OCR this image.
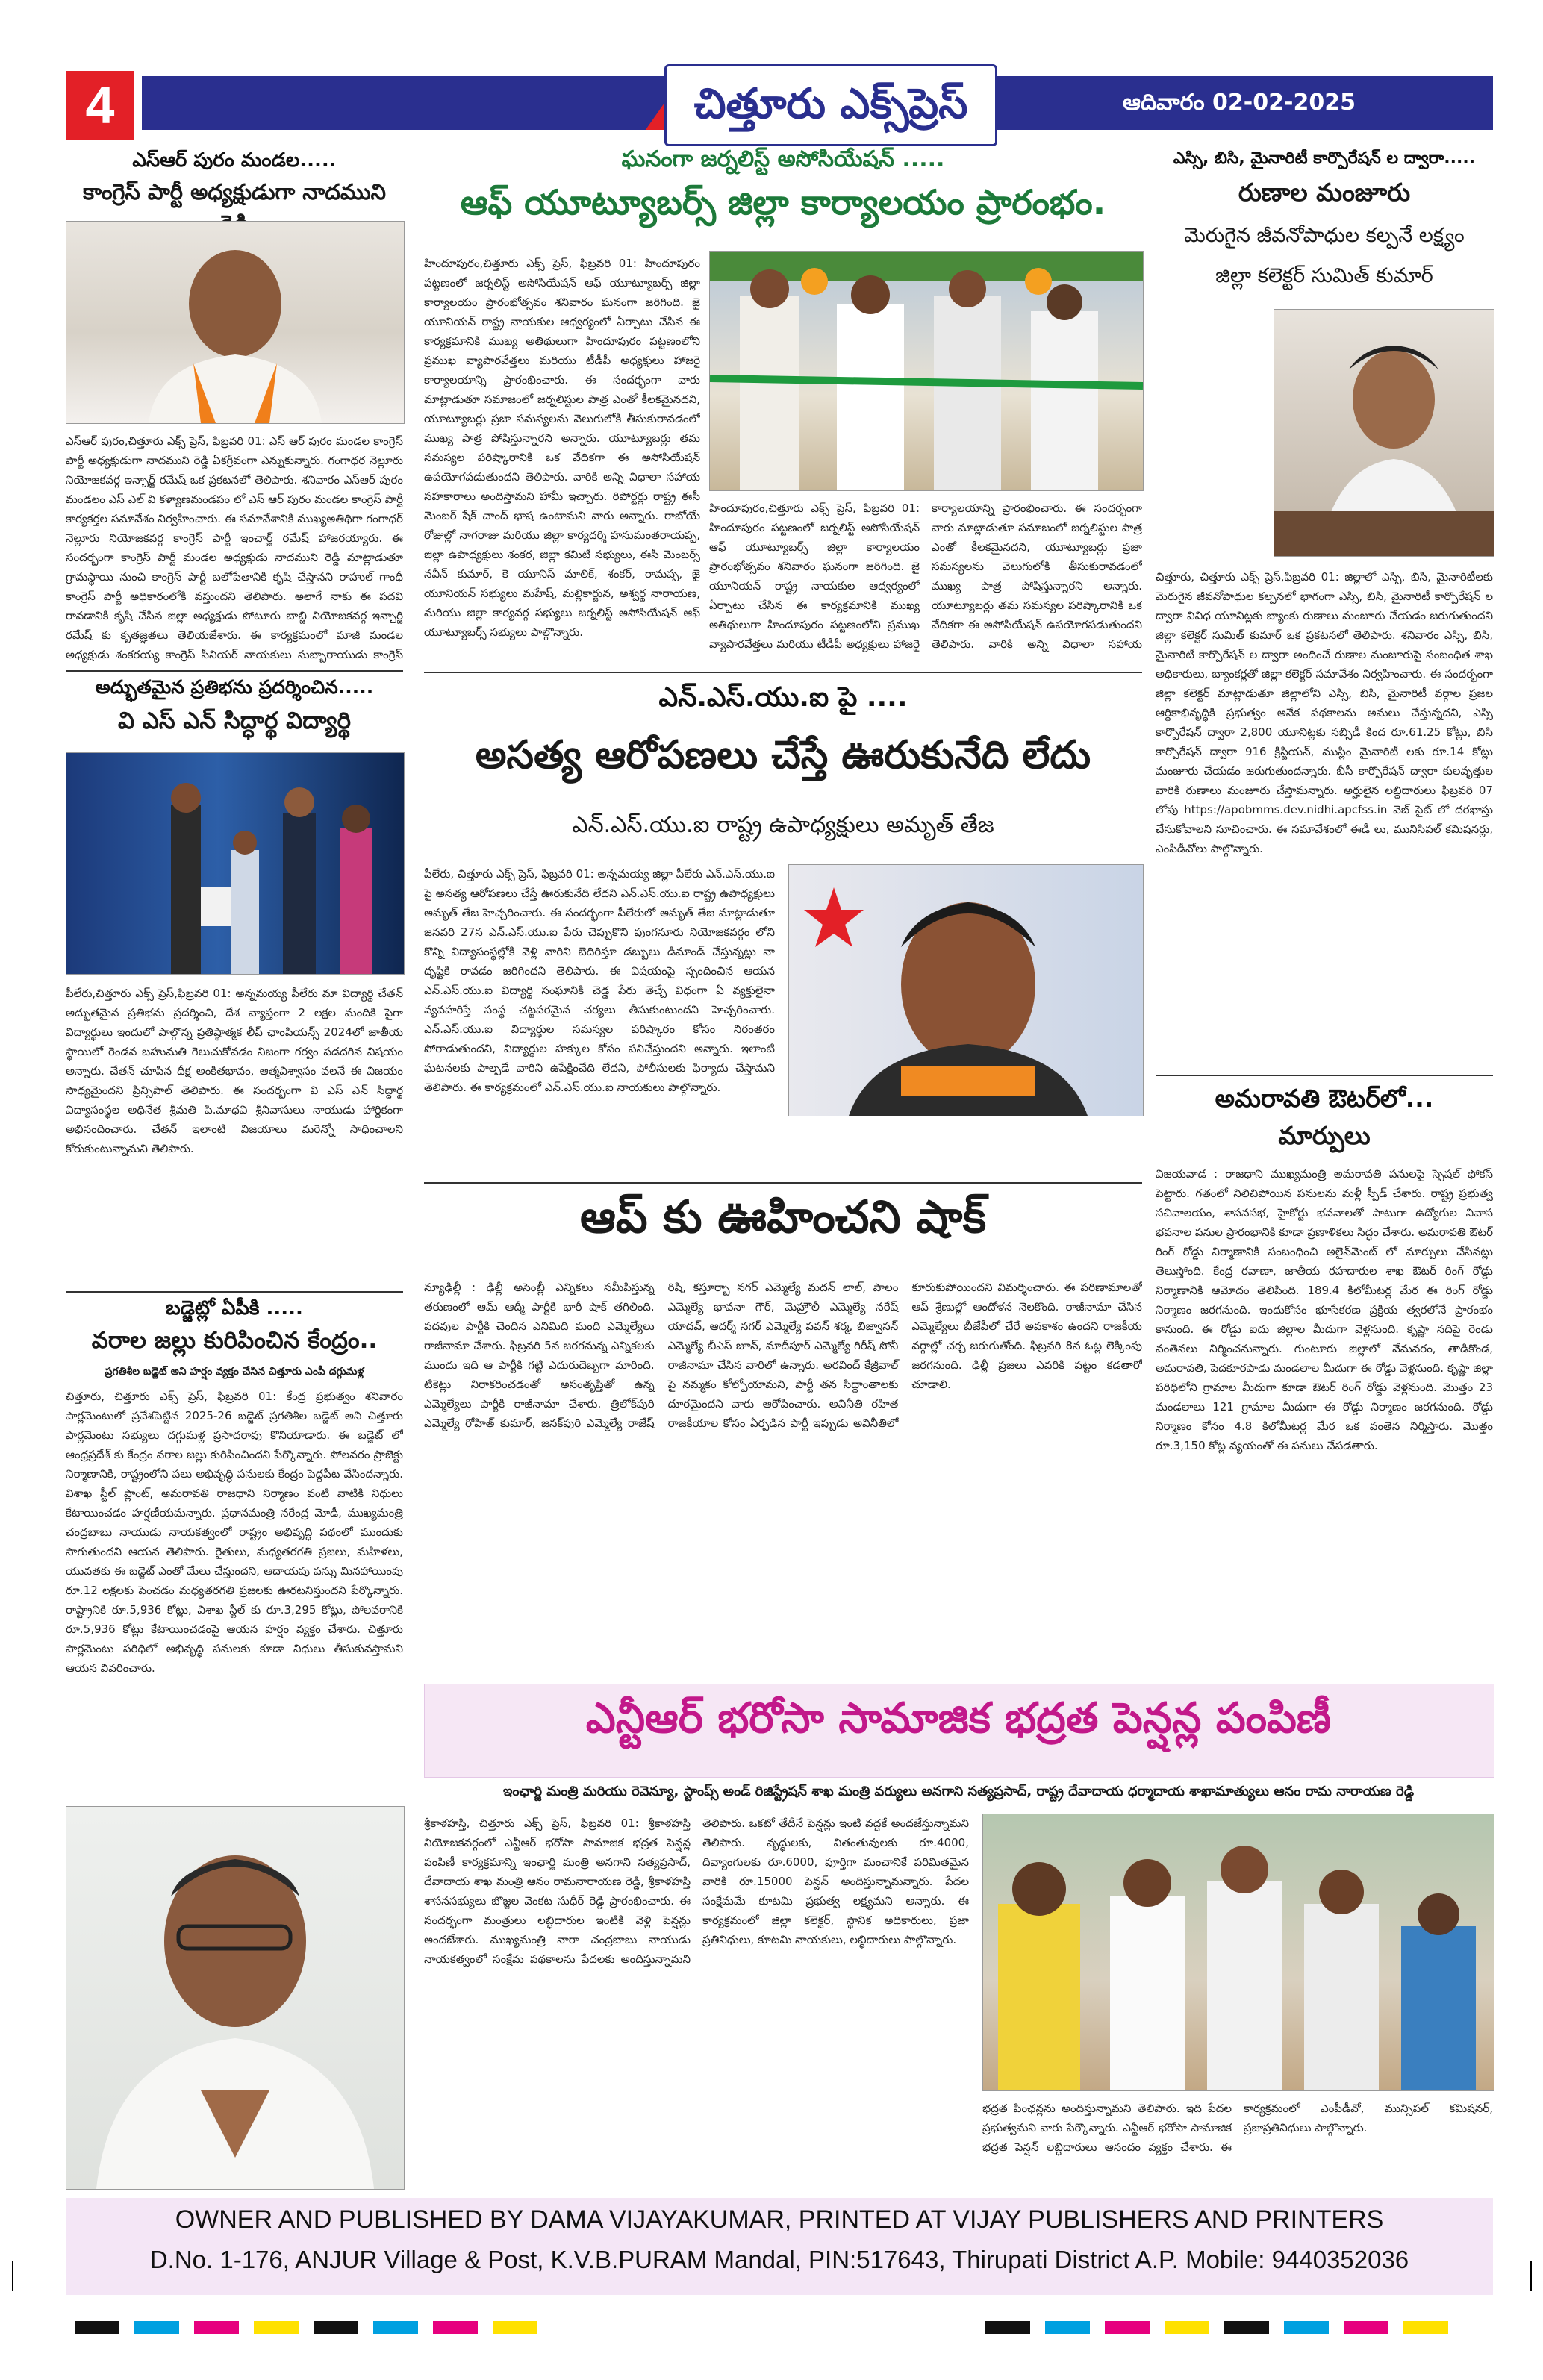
4	చిత్తూరు ఎక్స్‌ప్రెస్	ఆదివారం 02-02-2025
ఎస్ఆర్ పురం మండల.....
కాంగ్రెస్ పార్టీ అధ్యక్షుడుగా నాదముని
ఎస్ఆర్ పురం,చిత్తూరు ఎక్స్ ప్రెస్, ఫిబ్రవరి 01: ఎస్ ఆర్ పురం మండల కాంగ్రెస్ పార్టీ అధ్యక్షుడుగా నాదముని రెడ్డి ఏకగ్రీవంగా ఎన్నుకున్నారు. గంగాధర నెల్లూరు నియోజకవర్గ ఇన్చార్జ్ రమేష్ ఒక ప్రకటనలో తెలిపారు. శనివారం ఎస్ఆర్ పురం మండలం ఎస్ ఎల్ వి కళ్యాణమండపం లో ఎస్ ఆర్ పురం మండల కాంగ్రెస్ పార్టీ కార్యకర్తల సమావేశం నిర్వహించారు. ఈ సమావేశానికి ముఖ్యఅతిథిగా గంగాధర్ నెల్లూరు నియోజకవర్గ కాంగ్రెస్ పార్టీ ఇంచార్జ్ రమేష్ హాజరయ్యారు. ఈ సందర్భంగా కాంగ్రెస్ పార్టీ మండల అధ్యక్షుడు నాదముని రెడ్డి మాట్లాడుతూ గ్రామస్థాయి నుంచి కాంగ్రెస్ పార్టీ బలోపేతానికి కృషి చేస్తానని రాహుల్ గాంధీ కాంగ్రెస్ పార్టీ అధికారంలోకి వస్తుందని తెలిపారు. అలాగే నాకు ఈ పదవి రావడానికి కృషి చేసిన జిల్లా అధ్యక్షుడు పోటూరు బాబ్జి నియోజకవర్గ ఇన్చార్జి రమేష్ కు కృతజ్ఞతలు తెలియజేశారు. ఈ కార్యక్రమంలో మాజీ మండల అధ్యక్షుడు శంకరయ్య కాంగ్రెస్ సీనియర్ నాయకులు సుబ్బారాయుడు కాంగ్రెస్
అద్భుతమైన ప్రతిభను ప్రదర్శించిన.....
వి ఎస్ ఎన్ సిద్ధార్థ విద్యార్థి
పీలేరు,చిత్తూరు ఎక్స్ ప్రెస్,ఫిబ్రవరి 01: అన్నమయ్య పీలేరు మా విద్యార్థి చేతన్ అద్భుతమైన ప్రతిభను ప్రదర్శించి, దేశ వ్యాప్తంగా 2 లక్షల మందికి పైగా విద్యార్థులు ఇందులో పాల్గొన్న ప్రతిష్ఠాత్మక లీప్ ఛాంపియన్స్ 2024లో జాతీయ స్థాయిలో రెండవ బహుమతి గెలుచుకోవడం నిజంగా గర్వం పడదగిన విషయం అన్నారు. చేతన్ చూపిన దీక్ష అంకితభావం, ఆత్మవిశ్వాసం వలనే ఈ విజయం సాధ్యమైందని ప్రిన్సిపాల్ తెలిపారు. ఈ సందర్భంగా వి ఎస్ ఎన్ సిద్ధార్థ విద్యాసంస్థల అధినేత శ్రీమతి పి.మాధవి శ్రీనివాసులు నాయుడు హార్దికంగా అభినందించారు. చేతన్ ఇలాంటి విజయాలు మరెన్నో సాధించాలని కోరుకుంటున్నామని తెలిపారు.
బడ్జెట్లో ఏపీకి .....
వరాల జల్లు కురిపించిన కేంద్రం..
ప్రగతిశీల బడ్జెట్ అని హర్షం వ్యక్తం చేసిన చిత్తూరు ఎంపీ దగ్గుమళ్ల
చిత్తూరు, చిత్తూరు ఎక్స్ ప్రెస్, ఫిబ్రవరి 01: కేంద్ర ప్రభుత్వం శనివారం పార్లమెంటులో ప్రవేశపెట్టిన 2025-26 బడ్జెట్ ప్రగతిశీల బడ్జెట్ అని చిత్తూరు పార్లమెంటు సభ్యులు దగ్గుమళ్ల ప్రసాదరావు కొనియాడారు. ఈ బడ్జెట్ లో ఆంధ్రప్రదేశ్ కు కేంద్రం వరాల జల్లు కురిపించిందని పేర్కొన్నారు. పోలవరం ప్రాజెక్టు నిర్మాణానికి, రాష్ట్రంలోని పలు అభివృద్ధి పనులకు కేంద్రం పెద్దపీట వేసిందన్నారు. విశాఖ స్టీల్ ప్లాంట్, అమరావతి రాజధాని నిర్మాణం వంటి వాటికి నిధులు కేటాయించడం హర్షణీయమన్నారు. ప్రధానమంత్రి నరేంద్ర మోడీ, ముఖ్యమంత్రి చంద్రబాబు నాయుడు నాయకత్వంలో రాష్ట్రం అభివృద్ధి పథంలో ముందుకు సాగుతుందని ఆయన తెలిపారు. రైతులు, మధ్యతరగతి ప్రజలు, మహిళలు, యువతకు ఈ బడ్జెట్ ఎంతో మేలు చేస్తుందని, ఆదాయపు పన్ను మినహాయింపు రూ.12 లక్షలకు పెంచడం మధ్యతరగతి ప్రజలకు ఊరటనిస్తుందని పేర్కొన్నారు. రాష్ట్రానికి రూ.5,936 కోట్లు, విశాఖ స్టీల్ కు రూ.3,295 కోట్లు, పోలవరానికి రూ.5,936 కోట్లు కేటాయించడంపై ఆయన హర్షం వ్యక్తం చేశారు. చిత్తూరు పార్లమెంటు పరిధిలో అభివృద్ధి పనులకు కూడా నిధులు తీసుకువస్తామని ఆయన వివరించారు.
ఘనంగా జర్నలిస్ట్ అసోసియేషన్ .....
ఆఫ్ యూట్యూబర్స్ జిల్లా కార్యాలయం ప్రారంభం.
హిందూపురం,చిత్తూరు ఎక్స్ ప్రెస్, ఫిబ్రవరి 01: హిందూపురం పట్టణంలో జర్నలిస్ట్ అసోసియేషన్ ఆఫ్ యూట్యూబర్స్ జిల్లా కార్యాలయం ప్రారంభోత్సవం శనివారం ఘనంగా జరిగింది. జై యూనియన్ రాష్ట్ర నాయకుల ఆధ్వర్యంలో ఏర్పాటు చేసిన ఈ కార్యక్రమానికి ముఖ్య అతిథులుగా హిందూపురం పట్టణంలోని ప్రముఖ వ్యాపారవేత్తలు మరియు టీడీపీ అధ్యక్షులు హాజరై కార్యాలయాన్ని ప్రారంభించారు. ఈ సందర్భంగా వారు మాట్లాడుతూ సమాజంలో జర్నలిస్టుల పాత్ర ఎంతో కీలకమైనదని, యూట్యూబర్లు ప్రజా సమస్యలను వెలుగులోకి తీసుకురావడంలో ముఖ్య పాత్ర పోషిస్తున్నారని అన్నారు. యూట్యూబర్లు తమ సమస్యల పరిష్కారానికి ఒక వేదికగా ఈ అసోసియేషన్ ఉపయోగపడుతుందని తెలిపారు. వారికి అన్ని విధాలా సహాయ సహకారాలు అందిస్తామని హామీ ఇచ్చారు. రిపోర్టర్లు రాష్ట్ర ఈసీ మెంబర్ షేక్ చాంద్ భాష ఉంటామని వారు అన్నారు. రాబోయే రోజుల్లో నాగరాజు మరియు జిల్లా కార్యదర్శి హనుమంతరాయప్ప, జిల్లా ఉపాధ్యక్షులు శంకర, జిల్లా కమిటీ సభ్యులు, ఈసీ మెంబర్స్ నవీన్ కుమార్, కె యూనిస్ మాలిక్, శంకర్, రామప్ప, జై యూనియన్ సభ్యులు మహేష్, మల్లికార్జున, అశ్వర్థ నారాయణ, మరియు జిల్లా కార్యవర్గ సభ్యులు జర్నలిస్ట్ అసోసియేషన్ ఆఫ్ యూట్యూబర్స్ సభ్యులు పాల్గొన్నారు.
హిందూపురం,చిత్తూరు ఎక్స్ ప్రెస్, ఫిబ్రవరి 01: హిందూపురం పట్టణంలో జర్నలిస్ట్ అసోసియేషన్ ఆఫ్ యూట్యూబర్స్ జిల్లా కార్యాలయం ప్రారంభోత్సవం శనివారం ఘనంగా జరిగింది. జై యూనియన్ రాష్ట్ర నాయకుల ఆధ్వర్యంలో ఏర్పాటు చేసిన ఈ కార్యక్రమానికి ముఖ్య అతిథులుగా హిందూపురం పట్టణంలోని ప్రముఖ వ్యాపారవేత్తలు మరియు టీడీపీ అధ్యక్షులు హాజరై కార్యాలయాన్ని ప్రారంభించారు. ఈ సందర్భంగా వారు మాట్లాడుతూ సమాజంలో జర్నలిస్టుల పాత్ర ఎంతో కీలకమైనదని, యూట్యూబర్లు ప్రజా సమస్యలను వెలుగులోకి తీసుకురావడంలో ముఖ్య పాత్ర పోషిస్తున్నారని అన్నారు. యూట్యూబర్లు తమ సమస్యల పరిష్కారానికి ఒక వేదికగా ఈ అసోసియేషన్ ఉపయోగపడుతుందని తెలిపారు. వారికి అన్ని విధాలా సహాయ
ఎన్.ఎస్.యు.ఐ పై ....
అసత్య ఆరోపణలు చేస్తే ఊరుకునేది లేదు
ఎన్.ఎస్.యు.ఐ రాష్ట్ర ఉపాధ్యక్షులు అమృత్ తేజ
పీలేరు, చిత్తూరు ఎక్స్ ప్రెస్, ఫిబ్రవరి 01: అన్నమయ్య జిల్లా పీలేరు ఎన్.ఎస్.యు.ఐ పై అసత్య ఆరోపణలు చేస్తే ఊరుకునేది లేదని ఎన్.ఎస్.యు.ఐ రాష్ట్ర ఉపాధ్యక్షులు అమృత్ తేజ హెచ్చరించారు. ఈ సందర్భంగా పీలేరులో అమృత్ తేజ మాట్లాడుతూ జనవరి 27న ఎన్.ఎస్.యు.ఐ పేరు చెప్పుకొని పుంగనూరు నియోజకవర్గం లోని కొన్ని విద్యాసంస్థల్లోకి వెళ్లి వారిని బెదిరిస్తూ డబ్బులు డిమాండ్ చేస్తున్నట్లు నా దృష్టికి రావడం జరిగిందని తెలిపారు. ఈ విషయంపై స్పందించిన ఆయన ఎన్.ఎస్.యు.ఐ విద్యార్థి సంఘానికి చెడ్డ పేరు తెచ్చే విధంగా ఏ వ్యక్తులైనా వ్యవహరిస్తే సంస్థ చట్టపరమైన చర్యలు తీసుకుంటుందని హెచ్చరించారు. ఎన్.ఎస్.యు.ఐ విద్యార్థుల సమస్యల పరిష్కారం కోసం నిరంతరం పోరాడుతుందని, విద్యార్థుల హక్కుల కోసం పనిచేస్తుందని అన్నారు. ఇలాంటి ఘటనలకు పాల్పడే వారిని ఉపేక్షించేది లేదని, పోలీసులకు ఫిర్యాదు చేస్తామని తెలిపారు. ఈ కార్యక్రమంలో ఎన్.ఎస్.యు.ఐ నాయకులు పాల్గొన్నారు.
ఆప్ కు ఊహించని షాక్
న్యూఢిల్లీ : ఢిల్లీ అసెంబ్లీ ఎన్నికలు సమీపిస్తున్న తరుణంలో ఆమ్ ఆద్మీ పార్టీకి భారీ షాక్ తగిలింది. పదవుల పార్టీకి చెందిన ఎనిమిది మంది ఎమ్మెల్యేలు రాజీనామా చేశారు. ఫిబ్రవరి 5న జరగనున్న ఎన్నికలకు ముందు ఇది ఆ పార్టీకి గట్టి ఎదురుదెబ్బగా మారింది. టికెట్లు నిరాకరించడంతో అసంతృప్తితో ఉన్న ఎమ్మెల్యేలు పార్టీకి రాజీనామా చేశారు. త్రిలోక్‌పురి ఎమ్మెల్యే రోహిత్ కుమార్, జనక్‌పురి ఎమ్మెల్యే రాజేష్ రిషి, కస్తూర్బా నగర్ ఎమ్మెల్యే మదన్ లాల్, పాలం ఎమ్మెల్యే భావనా గౌర్, మెహ్రౌలీ ఎమ్మెల్యే నరేష్ యాదవ్, ఆదర్శ్ నగర్ ఎమ్మెల్యే పవన్ శర్మ, బిజ్వాసన్ ఎమ్మెల్యే బీఎస్ జూన్, మాదీపూర్ ఎమ్మెల్యే గిరీష్ సోనీ రాజీనామా చేసిన వారిలో ఉన్నారు. అరవింద్ కేజ్రీవాల్ పై నమ్మకం కోల్పోయామని, పార్టీ తన సిద్ధాంతాలకు దూరమైందని వారు ఆరోపించారు. అవినీతి రహిత రాజకీయాల కోసం ఏర్పడిన పార్టీ ఇప్పుడు అవినీతిలో కూరుకుపోయిందని విమర్శించారు. ఈ పరిణామాలతో ఆప్ శ్రేణుల్లో ఆందోళన నెలకొంది. రాజీనామా చేసిన ఎమ్మెల్యేలు బీజేపీలో చేరే అవకాశం ఉందని రాజకీయ వర్గాల్లో చర్చ జరుగుతోంది. ఫిబ్రవరి 8న ఓట్ల లెక్కింపు జరగనుంది. ఢిల్లీ ప్రజలు ఎవరికి పట్టం కడతారో చూడాలి.
ఎస్సి, బిసి, మైనారిటీ కార్పొరేషన్ ల ద్వారా.....
రుణాల మంజూరు
మెరుగైన జీవనోపాధుల కల్పనే లక్ష్యం
జిల్లా కలెక్టర్ సుమిత్ కుమార్
చిత్తూరు, చిత్తూరు ఎక్స్ ప్రెస్,ఫిబ్రవరి 01: జిల్లాలో ఎస్సి, బిసి, మైనారిటీలకు మెరుగైన జీవనోపాధుల కల్పనలో భాగంగా ఎస్సి, బిసి, మైనారిటీ కార్పొరేషన్ ల ద్వారా వివిధ యూనిట్లకు బ్యాంకు రుణాలు మంజూరు చేయడం జరుగుతుందని జిల్లా కలెక్టర్ సుమిత్ కుమార్ ఒక ప్రకటనలో తెలిపారు. శనివారం ఎస్సి, బిసి, మైనారిటీ కార్పొరేషన్ ల ద్వారా అందించే రుణాల మంజూరుపై సంబంధిత శాఖ అధికారులు, బ్యాంకర్లతో జిల్లా కలెక్టర్ సమావేశం నిర్వహించారు. ఈ సందర్భంగా జిల్లా కలెక్టర్ మాట్లాడుతూ జిల్లాలోని ఎస్సి, బిసి, మైనారిటీ వర్గాల ప్రజల ఆర్థికాభివృద్ధికి ప్రభుత్వం అనేక పథకాలను అమలు చేస్తున్నదని, ఎస్సి కార్పొరేషన్ ద్వారా 2,800 యూనిట్లకు సబ్సిడీ కింద రూ.61.25 కోట్లు, బిసి కార్పొరేషన్ ద్వారా 916 క్రిస్టియన్, ముస్లిం మైనారిటీ లకు రూ.14 కోట్లు మంజూరు చేయడం జరుగుతుందన్నారు. బీసీ కార్పొరేషన్ ద్వారా కులవృత్తుల వారికి రుణాలు మంజూరు చేస్తామన్నారు. అర్హులైన లబ్ధిదారులు ఫిబ్రవరి 07 లోపు https://apobmms.dev.nidhi.apcfss.in వెబ్ సైట్ లో దరఖాస్తు చేసుకోవాలని సూచించారు. ఈ సమావేశంలో ఈడీ లు, మునిసిపల్ కమిషనర్లు, ఎంపీడీవోలు పాల్గొన్నారు.
అమరావతి ఔటర్‌లో...
మార్పులు
విజయవాడ : రాజధాని ముఖ్యమంత్రి అమరావతి పనులపై స్పెషల్ ఫోకస్ పెట్టారు. గతంలో నిలిచిపోయిన పనులను మళ్లీ స్పీడ్ చేశారు. రాష్ట్ర ప్రభుత్వ సచివాలయం, శాసనసభ, హైకోర్టు భవనాలతో పాటుగా ఉద్యోగుల నివాస భవనాల పనుల ప్రారంభానికి కూడా ప్రణాళికలు సిద్ధం చేశారు. అమరావతి ఔటర్ రింగ్ రోడ్డు నిర్మాణానికి సంబంధించి అలైన్‌మెంట్ లో మార్పులు చేసినట్లు తెలుస్తోంది. కేంద్ర రవాణా, జాతీయ రహదారుల శాఖ ఔటర్ రింగ్ రోడ్డు నిర్మాణానికి ఆమోదం తెలిపింది. 189.4 కిలోమీటర్ల మేర ఈ రింగ్ రోడ్డు నిర్మాణం జరగనుంది. ఇందుకోసం భూసేకరణ ప్రక్రియ త్వరలోనే ప్రారంభం కానుంది. ఈ రోడ్డు ఐదు జిల్లాల మీదుగా వెళ్లనుంది. కృష్ణా నదిపై రెండు వంతెనలు నిర్మించనున్నారు. గుంటూరు జిల్లాలో వేమవరం, తాడికొండ, అమరావతి, పెదకూరపాడు మండలాల మీదుగా ఈ రోడ్డు వెళ్లనుంది. కృష్ణా జిల్లా పరిధిలోని గ్రామాల మీదుగా కూడా ఔటర్ రింగ్ రోడ్డు వెళ్లనుంది. మొత్తం 23 మండలాలు 121 గ్రామాల మీదుగా ఈ రోడ్డు నిర్మాణం జరగనుంది. రోడ్డు నిర్మాణం కోసం 4.8 కిలోమీటర్ల మేర ఒక వంతెన నిర్మిస్తారు. మొత్తం రూ.3,150 కోట్ల వ్యయంతో ఈ పనులు చేపడతారు.
ఎన్టీఆర్ భరోసా సామాజిక భద్రత పెన్షన్ల పంపిణీ
ఇంఛార్జి మంత్రి మరియు రెవెన్యూ, స్టాంప్స్ అండ్ రిజిస్ట్రేషన్ శాఖ మంత్రి వర్యులు అనగాని సత్యప్రసాద్, రాష్ట్ర దేవాదాయ ధర్మాదాయ శాఖామాత్యులు ఆనం రామ నారాయణ రెడ్డి
శ్రీకాళహస్తి, చిత్తూరు ఎక్స్ ప్రెస్, ఫిబ్రవరి 01: శ్రీకాళహస్తి నియోజకవర్గంలో ఎన్టీఆర్ భరోసా సామాజిక భద్రత పెన్షన్ల పంపిణీ కార్యక్రమాన్ని ఇంఛార్జి మంత్రి అనగాని సత్యప్రసాద్, దేవాదాయ శాఖ మంత్రి ఆనం రామనారాయణ రెడ్డి, శ్రీకాళహస్తి శాసనసభ్యులు బొజ్జల వెంకట సుధీర్ రెడ్డి ప్రారంభించారు. ఈ సందర్భంగా మంత్రులు లబ్ధిదారుల ఇంటికి వెళ్లి పెన్షన్లు అందజేశారు. ముఖ్యమంత్రి నారా చంద్రబాబు నాయుడు నాయకత్వంలో సంక్షేమ పథకాలను పేదలకు అందిస్తున్నామని తెలిపారు. ఒకటో తేదీనే పెన్షన్లు ఇంటి వద్దకే అందజేస్తున్నామని తెలిపారు. వృద్ధులకు, వితంతువులకు రూ.4000, దివ్యాంగులకు రూ.6000, పూర్తిగా మంచానికే పరిమితమైన వారికి రూ.15000 పెన్షన్ అందిస్తున్నామన్నారు. పేదల సంక్షేమమే కూటమి ప్రభుత్వ లక్ష్యమని అన్నారు. ఈ కార్యక్రమంలో జిల్లా కలెక్టర్, స్థానిక అధికారులు, ప్రజా ప్రతినిధులు, కూటమి నాయకులు, లబ్ధిదారులు పాల్గొన్నారు.
భద్రత పింఛన్లను అందిస్తున్నామని తెలిపారు. ఇది పేదల ప్రభుత్వమని వారు పేర్కొన్నారు. ఎన్టీఆర్ భరోసా సామాజిక భద్రత పెన్షన్ లబ్ధిదారులు ఆనందం వ్యక్తం చేశారు. ఈ కార్యక్రమంలో ఎంపీడీవో, మున్సిపల్ కమిషనర్, ప్రజాప్రతినిధులు పాల్గొన్నారు.
OWNER AND PUBLISHED BY DAMA VIJAYAKUMAR, PRINTED AT VIJAY PUBLISHERS AND PRINTERS
D.No. 1-176, ANJUR Village & Post, K.V.B.PURAM Mandal, PIN:517643, Thirupati District A.P. Mobile: 9440352036
